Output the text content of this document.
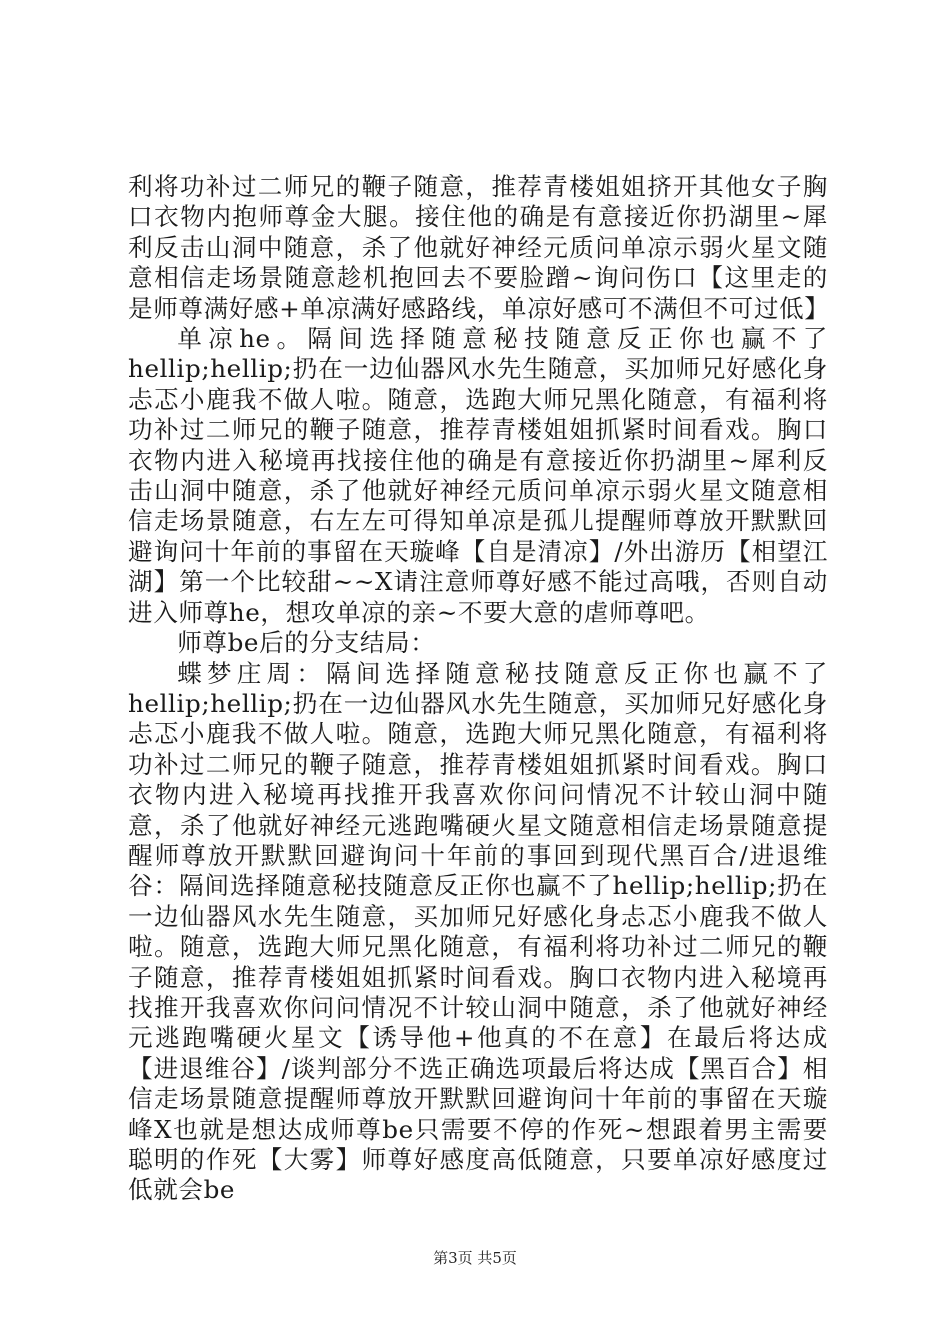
利将功补过二师兄的鞭子随意，推荐青楼姐姐挤开其他女子胸口衣物内抱师尊金大腿。接住他的确是有意接近你扔湖里~犀利反击山洞中随意，杀了他就好神经元质问单凉示弱火星文随意相信走场景随意趁机抱回去不要脸蹭~询问伤口【这里走的是师尊满好感+单凉满好感路线，单凉好感可不满但不可过低】

单凉he。隔间选择随意秘技随意反正你也赢不了hellip;hellip;扔在一边仙器风水先生随意，买加师兄好感化身忐忑小鹿我不做人啦。随意，选跑大师兄黑化随意，有福利将功补过二师兄的鞭子随意，推荐青楼姐姐抓紧时间看戏。胸口衣物内进入秘境再找接住他的确是有意接近你扔湖里~犀利反击山洞中随意，杀了他就好神经元质问单凉示弱火星文随意相信走场景随意，右左左可得知单凉是孤儿提醒师尊放开默默回避询问十年前的事留在天璇峰【自是清凉】/外出游历【相望江湖】第一个比较甜~~X请注意师尊好感不能过高哦，否则自动进入师尊he，想攻单凉的亲~不要大意的虐师尊吧。

师尊be后的分支结局：

蝶梦庄周：隔间选择随意秘技随意反正你也赢不了hellip;hellip;扔在一边仙器风水先生随意，买加师兄好感化身忐忑小鹿我不做人啦。随意，选跑大师兄黑化随意，有福利将功补过二师兄的鞭子随意，推荐青楼姐姐抓紧时间看戏。胸口衣物内进入秘境再找推开我喜欢你问问情况不计较山洞中随意，杀了他就好神经元逃跑嘴硬火星文随意相信走场景随意提醒师尊放开默默回避询问十年前的事回到现代黑百合/进退维谷：隔间选择随意秘技随意反正你也赢不了hellip;hellip;扔在一边仙器风水先生随意，买加师兄好感化身忐忑小鹿我不做人啦。随意，选跑大师兄黑化随意，有福利将功补过二师兄的鞭子随意，推荐青楼姐姐抓紧时间看戏。胸口衣物内进入秘境再找推开我喜欢你问问情况不计较山洞中随意，杀了他就好神经元逃跑嘴硬火星文【诱导他+他真的不在意】在最后将达成【进退维谷】/谈判部分不选正确选项最后将达成【黑百合】相信走场景随意提醒师尊放开默默回避询问十年前的事留在天璇峰X也就是想达成师尊be只需要不停的作死~想跟着男主需要聪明的作死【大雾】师尊好感度高低随意，只要单凉好感度过低就会be

第3页 共5页
